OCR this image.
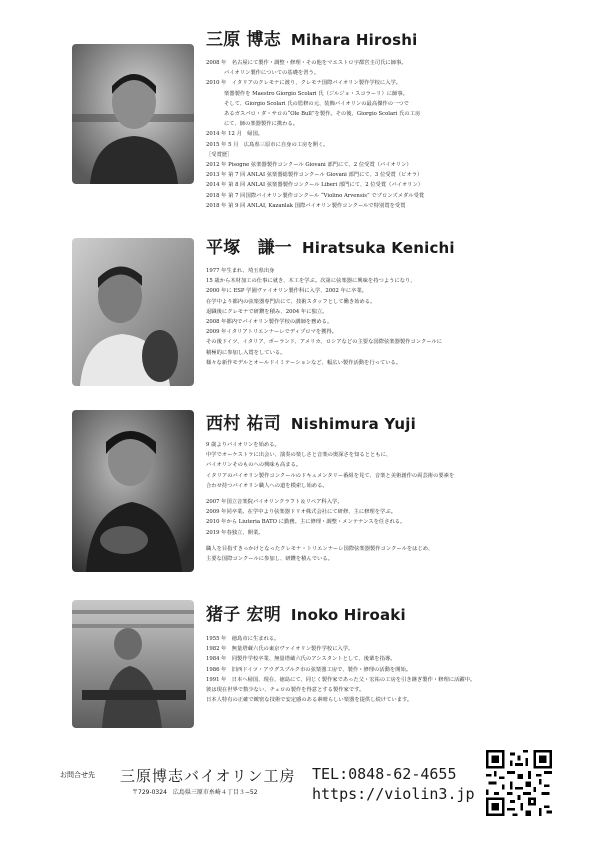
三原 博志 Mihara Hiroshi
2008 年　名古屋にて製作・調整・修理・その他をマエストロ宇都宮圭司氏に師事。
バイオリン製作についての基礎を習う。
2010 年　イタリアのクレモナに渡り、クレモナ国際バイオリン製作学校に入学。
楽器製作を Maestro Giorgio Scolari 氏（ジルジョ・スコラーリ）に師事。
そして、Giorgio Scolari 氏の監修の元、装飾バイオリンの最高傑作の一つで
あるガスパロ・ダ・サロの“Ole Bull”を製作。その後、Giorgio Scolari 氏の工房
にて、師の楽器製作に携わる。
2014 年 12 月　帰国。
2015 年 5 月　広島県三原市に自身の工房を開く。
［受賞歴］
2012 年 Pisogne 弦楽器製作コンクール Giovani 部門にて、2 位受賞（バイオリン）
2013 年 第 7 回 ANLAI 弦楽器総製作コンクール Giovani 部門にて、3 位受賞（ビオラ）
2014 年 第 8 回 ANLAI 弦楽器製作コンクール Liberi 部門にて、2 位受賞（バイオリン）
2018 年 第 7 回国際バイオリン製作コンクール “Violino Arvensis” でブロンズメダル受賞
2018 年 第 9 回 ANLAI, Kazanlak 国際バイオリン製作コンクールで特別賞を受賞
平塚　謙一 Hiratsuka Kenichi
1977 年生まれ、埼玉県出身
15 歳から木材加工の仕事に就き、木工を学ぶ。次第に弦楽器に興味を持つようになり、
2000 年に ESP 学園ヴァイオリン製作科に入学、2002 年に卒業。
在学中より都内の弦楽器専門店にて、技術スタッフとして働き始める。
退職後にクレモナで研鑽を積み、2004 年に独立。
2008 年都内でバイオリン製作学校の講師を務める。
2009 年イタリアトリエンナーレでディプロマを獲得。
その後ドイツ、イタリア、ポーランド、アメリカ、ロシアなどの主要な国際弦楽器製作コンクールに
積極的に参加し入賞をしている。
様々な新作モデルとオールドイミテーションなど、幅広い製作活動を行っている。
西村 祐司 Nishimura Yuji
9 歳よりバイオリンを始める。
中学でオーケストラに出会い、演奏の楽しさと音楽の奥深さを知るとともに、
バイオリンそのものへの興味も高まる。
イタリアのバイオリン製作コンクールのドキュメンタリー番組を見て、音楽と美術創作の両芸術の要素を
合わせ持つバイオリン職人への道を模索し始める。
2007 年国立音楽院バイオリンクラフト＆リペア科入学。
2009 年同卒業。在学中より弦楽器ドリオ株式会社にて研修、主に修理を学ぶ。
2010 年から Liuteria BATO に勤務。主に修理・調整・メンテナンスを任される。
2019 年春独立、開業。
職人を目指すきっかけとなったクレモナ・トリエンナーレ国際弦楽器製作コンクールをはじめ、
主要な国際コンクールに参加し、研鑽を積んでいる。
猪子 宏明 Inoko Hiroaki
1955 年　徳島市に生まれる。
1982 年　無量塔蔵六氏の東京ヴァイオリン製作学校に入学。
1984 年　同製作学校卒業、無量塔蔵六氏のアシスタントとして、後輩を指導。
1986 年　旧西ドイツ・アウグスブルク市の弦楽器工房で、製作・修理の活動を開始。
1991 年　日本へ帰国、現在、徳島にて、同じく製作家であった父・宏祐の工房を引き継ぎ製作・修理に活躍中。
彼は現在世界で数少ない、チェロの製作を得意とする製作家です。
日本人特有の正確で緻密な技術で安定感のある素晴らしい楽器を提供し続けています。
お問合せ先 三原博志バイオリン工房
〒729-0324　広島県三原市糸崎４丁目３−52
TEL:0848-62-4655
https://violin3.jp
